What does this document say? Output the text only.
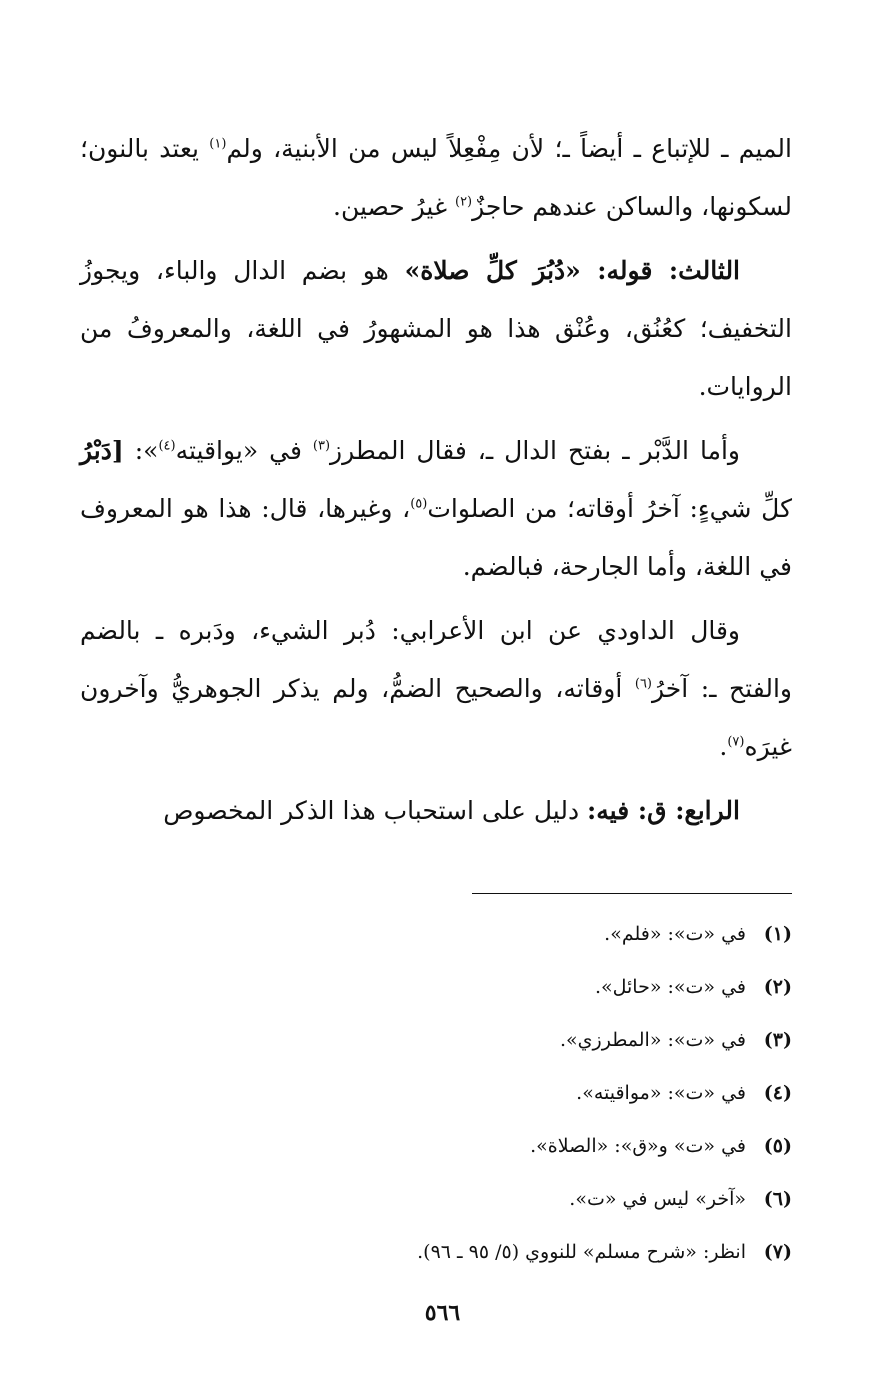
الميم ـ للإتباع ـ أيضاً ـ؛ لأن مِفْعِلاً ليس من الأبنية، ولم$^{(١)}$ يعتد بالنون؛ لسكونها، والساكن عندهم حاجزٌ$^{(٢)}$ غيرُ حصين.

الثالث: قوله: «دُبُرَ كلِّ صلاة» هو بضم الدال والباء، ويجوزُ التخفيف؛ كعُنُق، وعُنْق هذا هو المشهورُ في اللغة، والمعروفُ من الروايات.

وأما الدَّبْر ـ بفتح الدال ـ، فقال المطرز$^{(٣)}$ في «يواقيته$^{(٤)}$»: [دَبْرُ كلِّ شيءٍ: آخرُ أوقاته؛ من الصلوات$^{(٥)}$، وغيرها، قال: هذا هو المعروف في اللغة، وأما الجارحة، فبالضم.

وقال الداودي عن ابن الأعرابي: دُبر الشيء، ودَبره ـ بالضم والفتح ـ: آخرُ$^{(٦)}$ أوقاته، والصحيح الضمُّ، ولم يذكر الجوهريُّ وآخرون غيرَه$^{(٧)}$.

الرابع: ق: فيه: دليل على استحباب هذا الذكر المخصوص

(١)في «ت»: «فلم».
(٢)في «ت»: «حائل».
(٣)في «ت»: «المطرزي».
(٤)في «ت»: «مواقيته».
(٥)في «ت» و«ق»: «الصلاة».
(٦)«آخر» ليس في «ت».
(٧)انظر: «شرح مسلم» للنووي (٥/ ٩٥ ـ ٩٦).
٥٦٦
